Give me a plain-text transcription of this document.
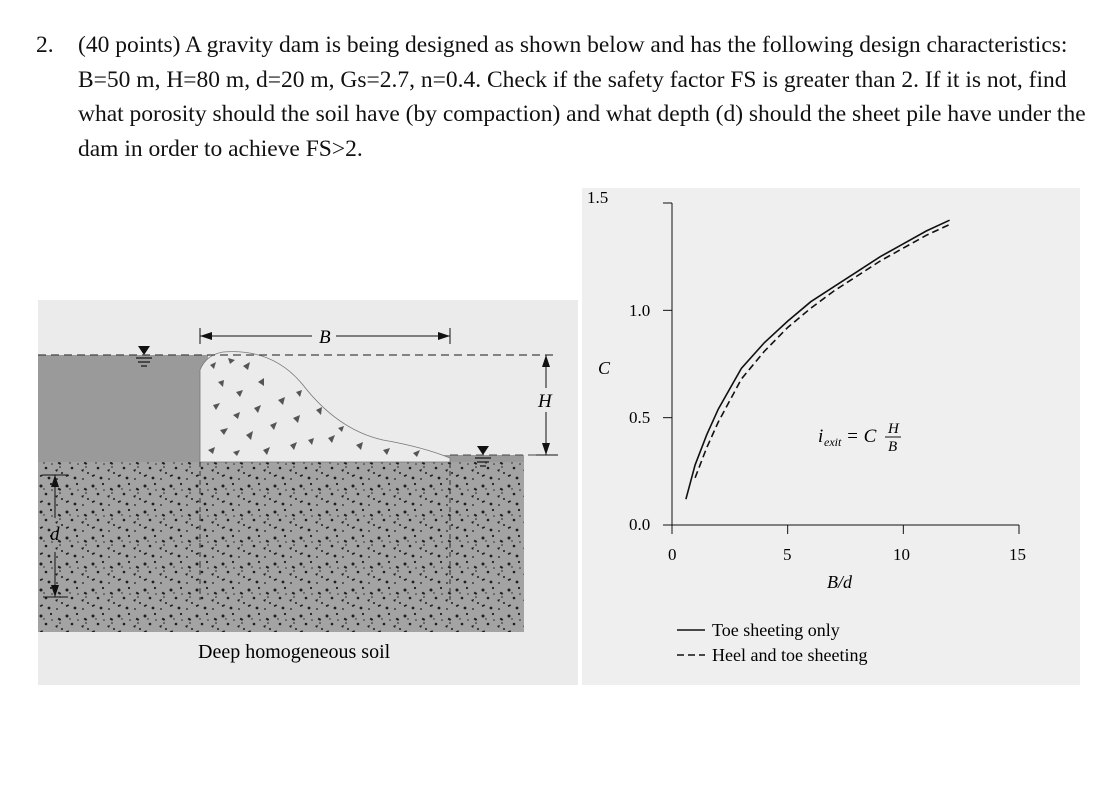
2. (40 points) A gravity dam is being designed as shown below and has the following design characteristics: B=50 m, H=80 m, d=20 m, Gs=2.7, n=0.4. Check if the safety factor FS is greater than 2. If it is not, find what porosity should the soil have (by compaction) and what depth (d) should the sheet pile have under the dam in order to achieve FS>2.
B
H
d
Deep homogeneous soil
1.5
1.0
0.5
0.0
0	5	10	15
C
B/d
i exit = C H
B
Toe sheeting only
Heel and toe sheeting
